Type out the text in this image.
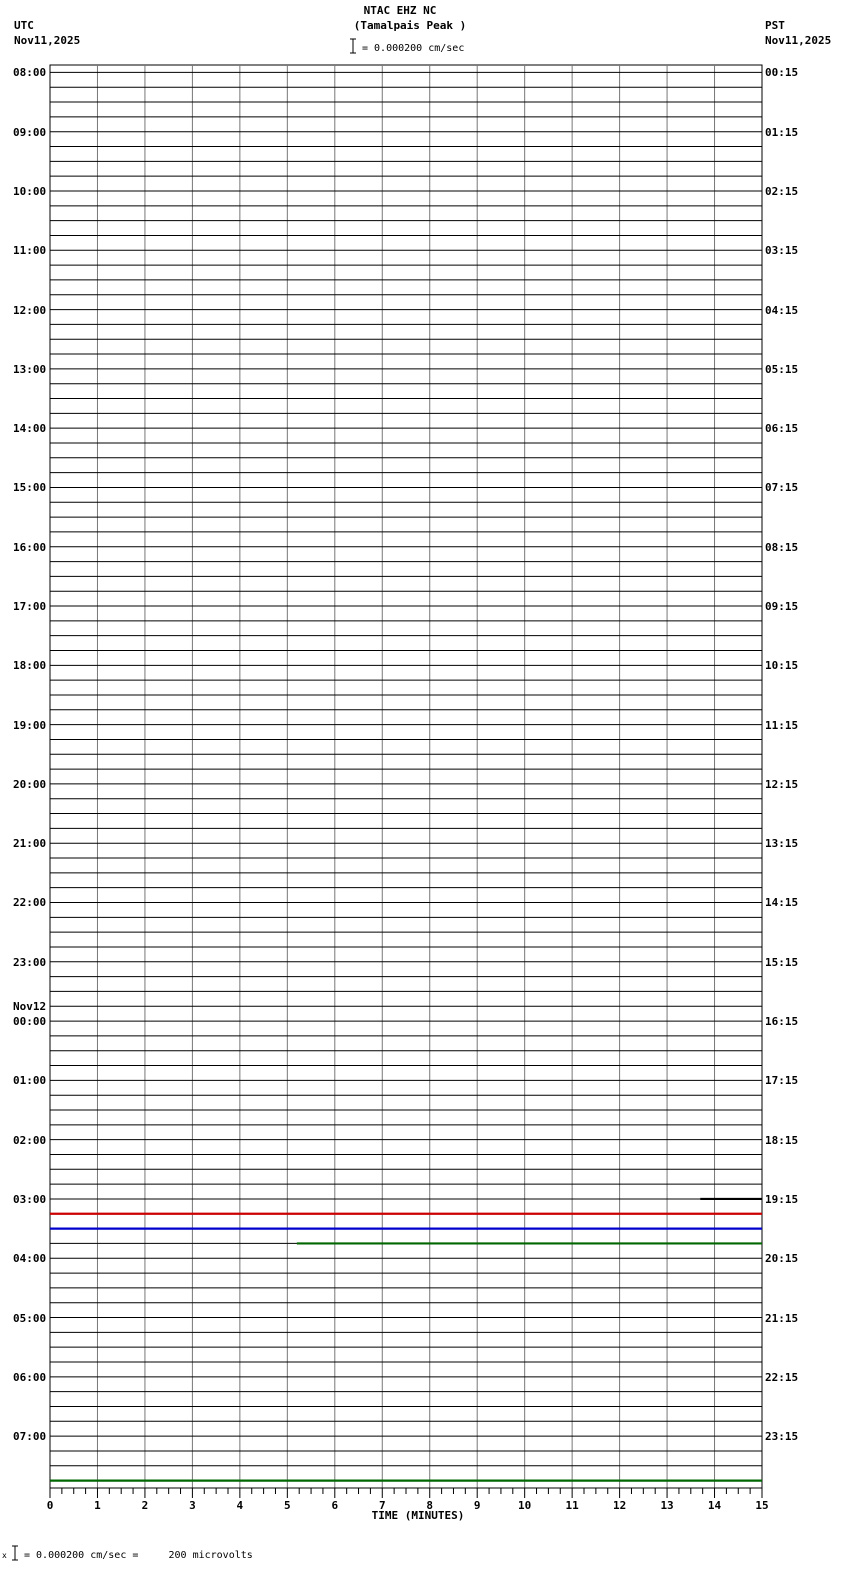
0	1	2	3	4	5	6	7	8	9	10	11	12	13	14	15
NTAC EHZ NC
(Tamalpais Peak )
= 0.000200 cm/sec
UTC
Nov11,2025
PST
Nov11,2025
08:00
09:00
10:00
11:00
12:00
13:00
14:00
15:00
16:00
17:00
18:00
19:00
20:00
21:00
22:00
23:00
00:00
Nov12
01:00
02:00
03:00
04:00
05:00
06:00
07:00
00:15
01:15
02:15
03:15
04:15
05:15
06:15
07:15
08:15
09:15
10:15
11:15
12:15
13:15
14:15
15:15
16:15
17:15
18:15
19:15
20:15
21:15
22:15
23:15
TIME (MINUTES)
x = 0.000200 cm/sec =     200 microvolts
